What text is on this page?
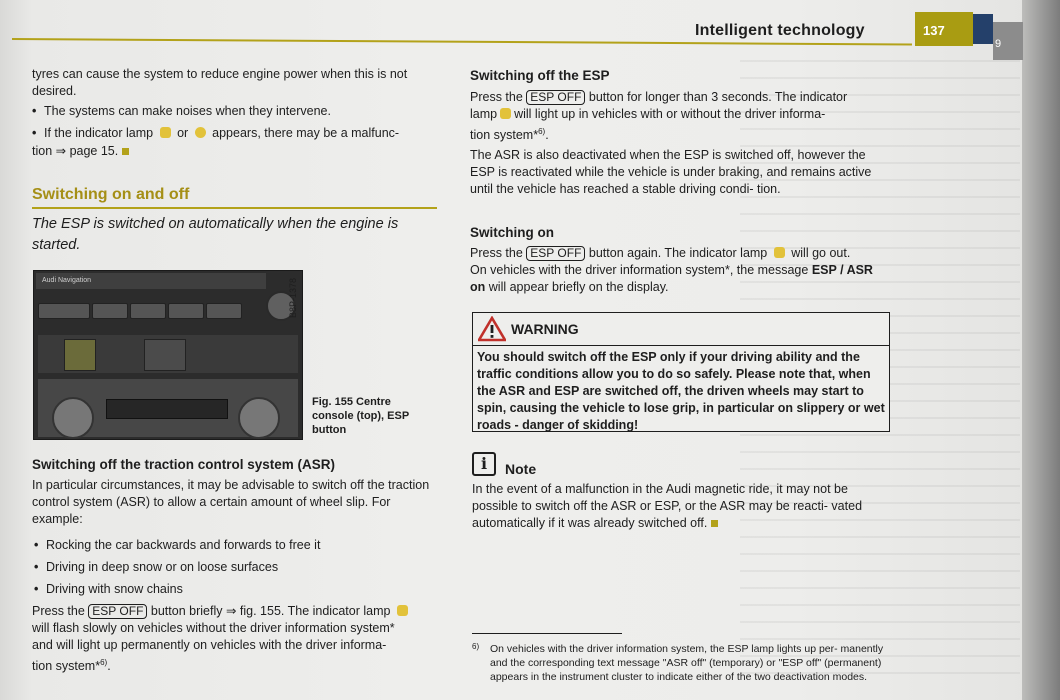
Intelligent technology	137
9
tyres can cause the system to reduce engine power when this is not desired.
• The systems can make noises when they intervene.
• If the indicator lamp or appears, there may be a malfunc-
tion ⇒ page 15.
Switching on and off
The ESP is switched on automatically when the engine is started.
Audi Navigation	B8P-1378
Fig. 155 Centre console (top), ESP button
Switching off the traction control system (ASR)
In particular circumstances, it may be advisable to switch off the traction control system (ASR) to allow a certain amount of wheel slip. For example:
• Rocking the car backwards and forwards to free it
• Driving in deep snow or on loose surfaces
• Driving with snow chains
Press the ESP OFF button briefly ⇒ fig. 155. The indicator lamp
will flash slowly on vehicles without the driver information system*
and will light up permanently on vehicles with the driver informa-
tion system*$^{6)}$.
Switching off the ESP
Press the ESP OFF button for longer than 3 seconds. The indicator
lamp will light up in vehicles with or without the driver informa-
tion system*$^{6)}$.
The ASR is also deactivated when the ESP is switched off, however the ESP is reactivated while the vehicle is under braking, and remains active until the vehicle has reached a stable driving condi- tion.
Switching on
Press the ESP OFF button again. The indicator lamp will go out.
On vehicles with the driver information system*, the message ESP / ASR on will appear briefly on the display.
WARNING
You should switch off the ESP only if your driving ability and the traffic conditions allow you to do so safely. Please note that, when the ASR and ESP are switched off, the driven wheels may start to spin, causing the vehicle to lose grip, in particular on slippery or wet roads - danger of skidding!
i	Note
In the event of a malfunction in the Audi magnetic ride, it may not be possible to switch off the ASR or ESP, or the ASR may be reacti- vated automatically if it was already switched off.
6) On vehicles with the driver information system, the ESP lamp lights up per- manently and the corresponding text message "ASR off" (temporary) or "ESP off" (permanent) appears in the instrument cluster to indicate either of the two deactivation modes.
